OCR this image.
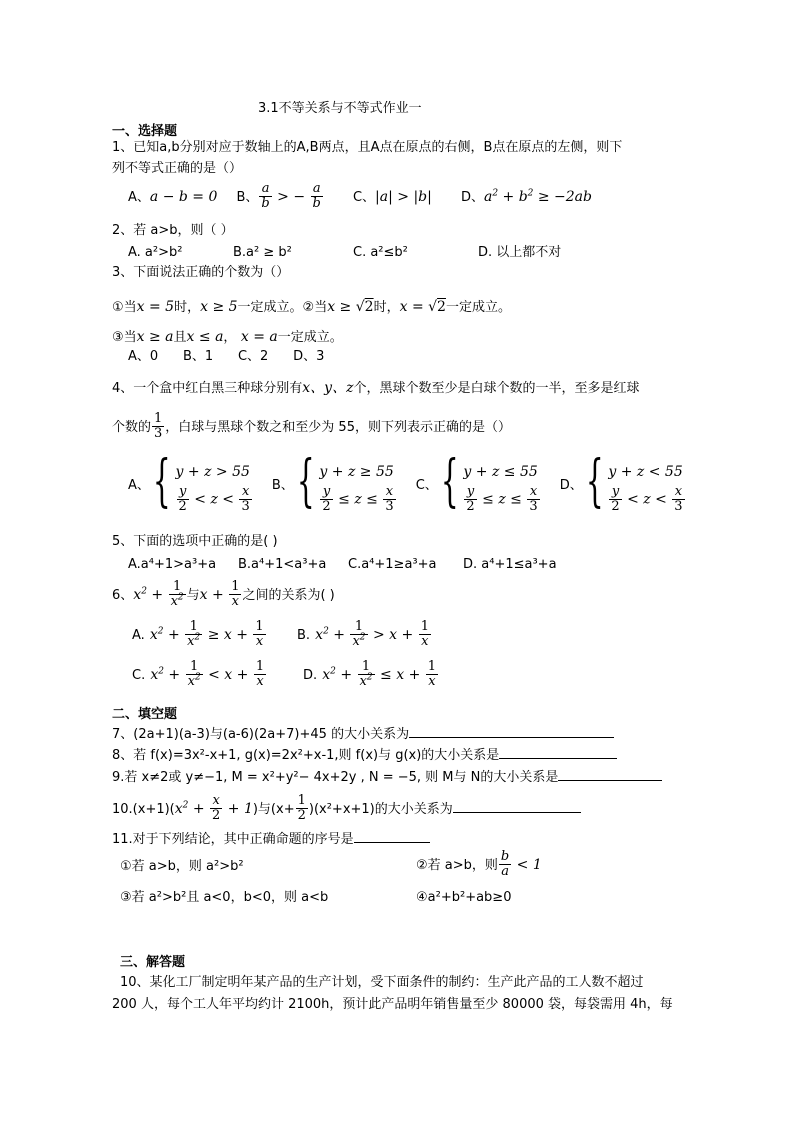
3.1不等关系与不等式作业一
一、选择题
1、已知a,b分别对应于数轴上的A,B两点，且A点在原点的右侧，B点在原点的左侧，则下
列不等式正确的是（）
A、a − b = 0 B、 $\frac{a}{b}$ > − $\frac{a}{b}$ C、|a| > |b| D、$a^2 + b^2 \ge -2ab$
2、若 a>b，则（ ）
A. a²>b²	B.a² ≥ b²	C. a²≤b²	D. 以上都不对
3、下面说法正确的个数为（）
①当x = 5时，x ≥ 5一定成立。②当x ≥ √2时，x = √2一定成立。
③当x ≥ a且x ≤ a， x = a一定成立。
A、0      B、1      C、2      D、3
4、一个盒中红白黑三种球分别有x、y、z个，黑球个数至少是白球个数的一半，至多是红球
个数的 $\frac{1}{3}$ ，白球与黑球个数之和至少为 55，则下列表示正确的是（）
A、{ y + z > 55
$\frac{y}{2} < z < \frac{x}{3}$ B、{ y + z ≥ 55
$\frac{y}{2} \le z \le \frac{x}{3}$ C、{ y + z ≤ 55
$\frac{y}{2} \le z \le \frac{x}{3}$ D、{ y + z < 55
$\frac{y}{2} < z < \frac{x}{3}$
5、下面的选项中正确的是( )
A.a⁴+1>a³+a B.a⁴+1<a³+a C.a⁴+1≥a³+a D. a⁴+1≤a³+a
6、$x^2 + \frac{1}{x^2}$ 与$x + \frac{1}{x}$ 之间的关系为( )
A. $x^2 + \frac{1}{x^2} \ge x + \frac{1}{x} B$. $x^2 + \frac{1}{x^2} > x + \frac{1}{x}$
C. $x^2 + \frac{1}{x^2} < x + \frac{1}{x}$	D. $x^2 + \frac{1}{x^2} \le x + \frac{1}{x}$
二、填空题
7、(2a+1)(a-3)与(a-6)(2a+7)+45 的大小关系为
8、若 f(x)=3x²-x+1, g(x)=2x²+x-1,则 f(x)与 g(x)的大小关系是
9.若 x≠2或 y≠−1, M = x²+y²− 4x+2y , N = −5, 则 M与 N的大小关系是
$10.(x+1)(x^2 + \frac{x}{2} + 1)$与$(x+ \frac{1}{2} )(x^2+x+1)$的大小关系为
11.对于下列结论，其中正确命题的序号是
①若 a>b，则 a²>b²	②若 a>b，则 $\frac{b}{a} < 1$
③若 a²>b²且 a<0，b<0，则 a<b	④a²+b²+ab≥0
三、解答题
10、某化工厂制定明年某产品的生产计划，受下面条件的制约：生产此产品的工人数不超过
200 人，每个工人年平均约计 2100h，预计此产品明年销售量至少 80000 袋，每袋需用 4h，每
